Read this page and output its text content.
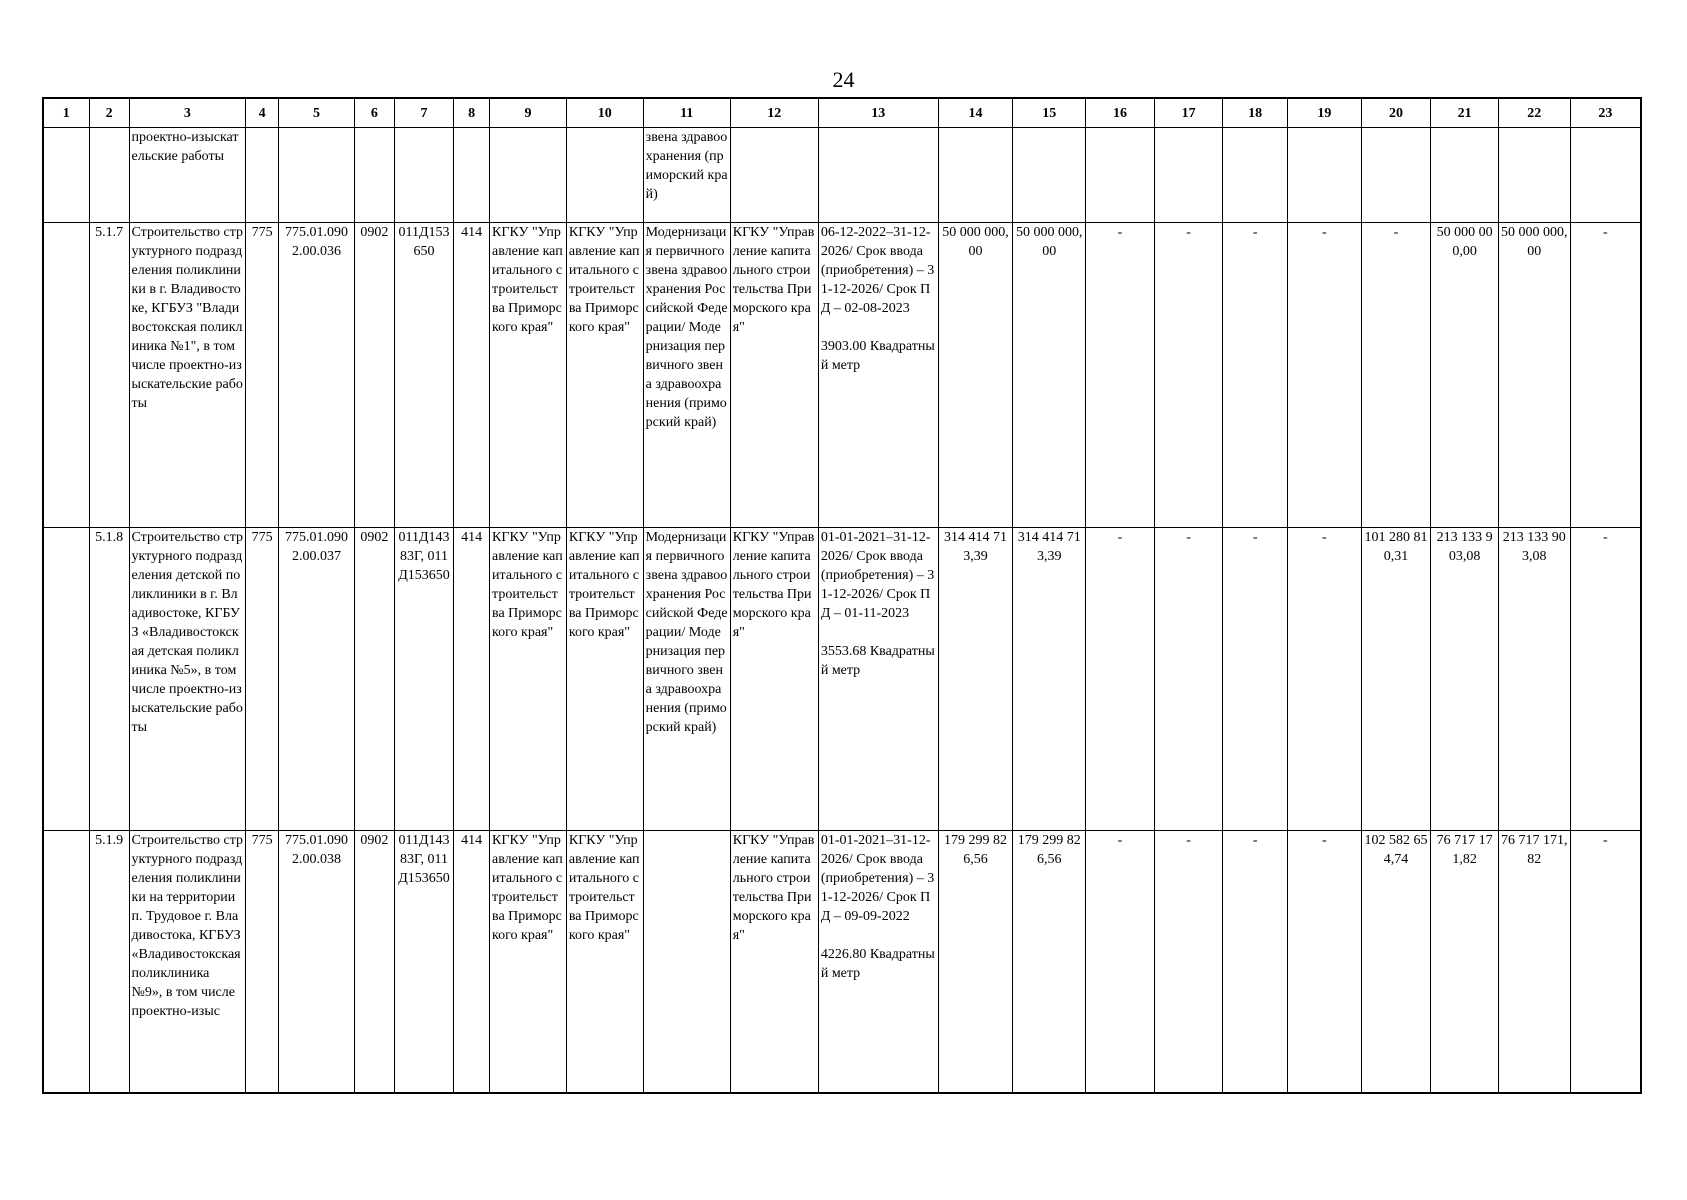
24
1	2	3	4	5	6	7	8	9	10	11	12	13	14	15	16	17	18	19	20	21	22	23
		проектно-изыскательские работы								звена здравоохранения (приморский край)												
	5.1.7	Строительство структурного подразделения поликлиники в г. Владивостоке, КГБУЗ "Владивостокская поликлиника №1", в том числе проектно-изыскательские работы	775	775.01.0902.00.036	0902	011Д153650	414	КГКУ "Управление капитального строительства Приморского края"	КГКУ "Управление капитального строительства Приморского края"	Модернизация первичного звена здравоохранения Российской Федерации/ Модернизация первичного звена здравоохранения (приморский край)	КГКУ "Управление капитального строительства Приморского края"	06-12-2022–31-12-2026/ Срок ввода (приобретения) – 31-12-2026/ Срок ПД – 02-08-2023

3903.00 Квадратный метр	50 000 000,00	50 000 000,00	-	-	-	-	-	50 000 000,00	50 000 000,00	-
	5.1.8	Строительство структурного подразделения детской поликлиники в г. Владивостоке, КГБУЗ «Владивостокская детская поликлиника №5», в том числе проектно-изыскательские работы	775	775.01.0902.00.037	0902	011Д14383Г, 011Д153650	414	КГКУ "Управление капитального строительства Приморского края"	КГКУ "Управление капитального строительства Приморского края"	Модернизация первичного звена здравоохранения Российской Федерации/ Модернизация первичного звена здравоохранения (приморский край)	КГКУ "Управление капитального строительства Приморского края"	01-01-2021–31-12-2026/ Срок ввода (приобретения) – 31-12-2026/ Срок ПД – 01-11-2023

3553.68 Квадратный метр	314 414 713,39	314 414 713,39	-	-	-	-	101 280 810,31	213 133 903,08	213 133 903,08	-
	5.1.9	Строительство структурного подразделения поликлиники на территории п. Трудовое г. Владивостока, КГБУЗ «Владивостокская поликлиника №9», в том числе проектно-изыс	775	775.01.0902.00.038	0902	011Д14383Г, 011Д153650	414	КГКУ "Управление капитального строительства Приморского края"	КГКУ "Управление капитального строительства Приморского края"		КГКУ "Управление капитального строительства Приморского края"	01-01-2021–31-12-2026/ Срок ввода (приобретения) – 31-12-2026/ Срок ПД – 09-09-2022

4226.80 Квадратный метр	179 299 826,56	179 299 826,56	-	-	-	-	102 582 654,74	76 717 171,82	76 717 171,82	-
